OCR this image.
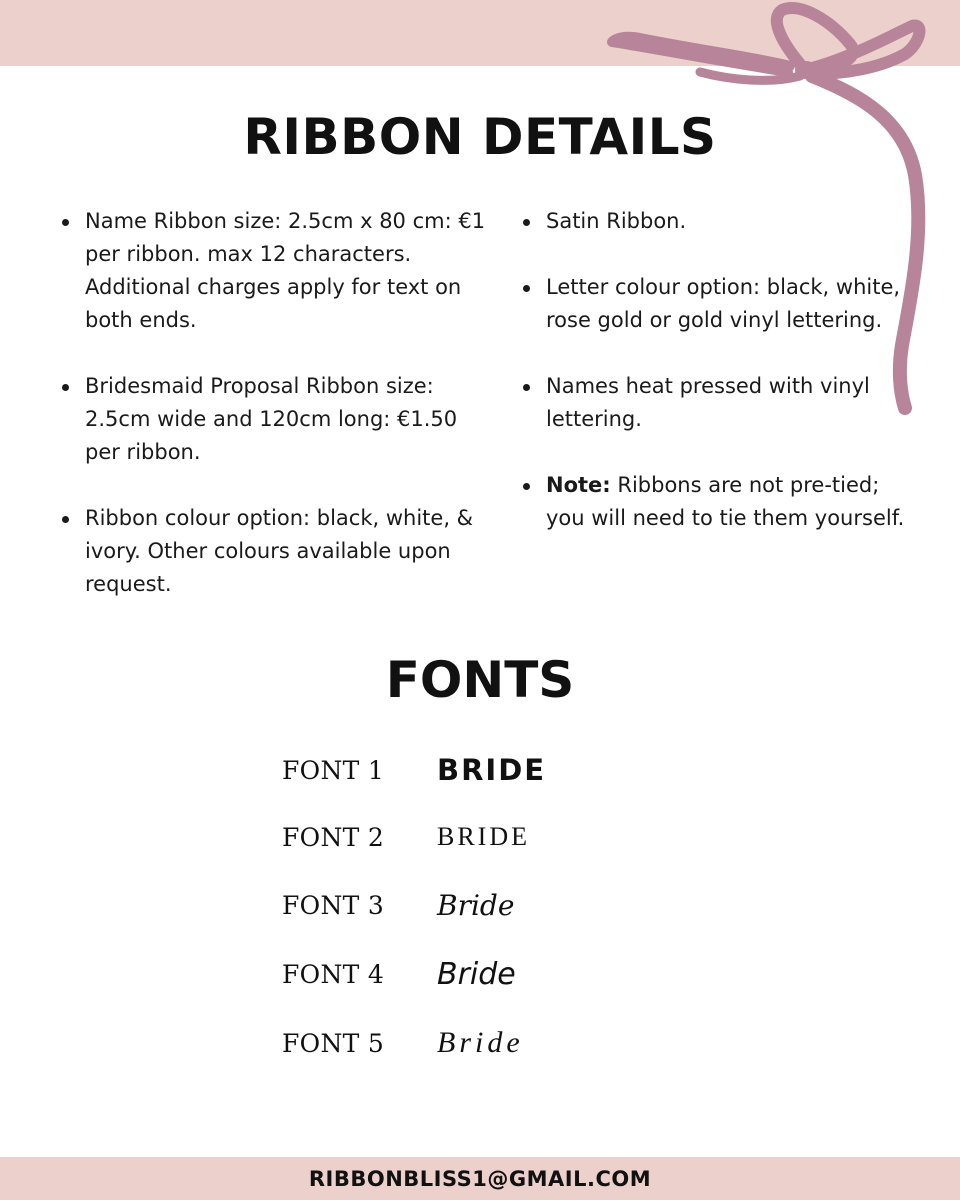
RIBBON DETAILS
Name Ribbon size: 2.5cm x 80 cm: €1 per ribbon. max 12 characters. Additional charges apply for text on both ends.
Bridesmaid Proposal Ribbon size: 2.5cm wide and 120cm long: €1.50 per ribbon.
Ribbon colour option: black, white, & ivory. Other colours available upon request.
Satin Ribbon.
Letter colour option: black, white, rose gold or gold vinyl lettering.
Names heat pressed with vinyl lettering.
Note: Ribbons are not pre-tied; you will need to tie them yourself.
FONTS
FONT 1	BRIDE
FONT 2	BRIDE
FONT 3	Bride
FONT 4	Bride
FONT 5	Bride
RIBBONBLISS1@GMAIL.COM
